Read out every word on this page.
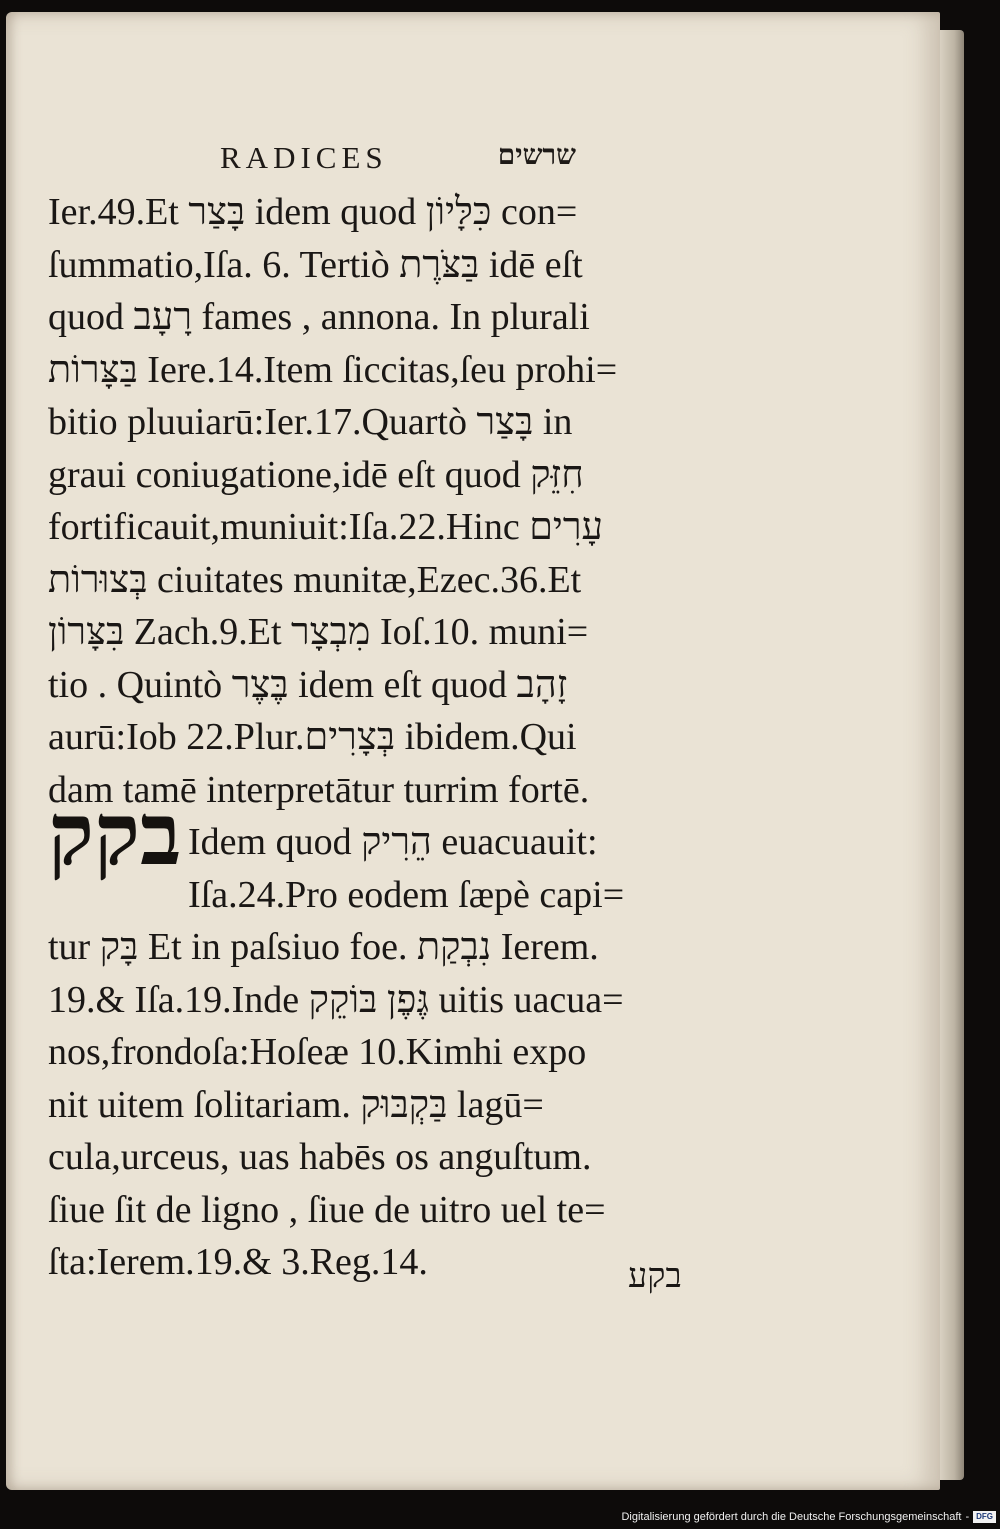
RADICES	שרשים
בקק
Ier.49.Et בָּצַר idem quod כִּלָּיוֹן con=
ſummatio,Iſa. 6. Tertiò בַּצֹּרֶת idē eſt
quod רָעָב fames , annona. In plurali
בַּצָּרוֹת Iere.14.Item ſiccitas,ſeu prohi=
bitio pluuiarū:Ier.17.Quartò בָּצַר in
graui coniugatione,idē eſt quod חִזֵּק
fortificauit,muniuit:Iſa.22.Hinc עָרִים
בְּצוּרוֹת ciuitates munitæ,Ezec.36.Et
בִּצָּרוֹן Zach.9.Et מִבְצָר Ioſ.10. muni=
tio . Quintò בֶּצֶר idem eſt quod זָהָב
aurū:Iob 22.Plur.בְּצָרִים ibidem.Qui
dam tamē interpretātur turrim fortē.
Idem quod הֵרִיק euacuauit:
Iſa.24.Pro eodem ſæpè capi=
tur בָּק Et in paſsiuo foe. נִבְקַת Ierem.
19.& Iſa.19.Inde גֶּפֶן בּוֹקֵק uitis uacua=
nos,frondoſa:Hoſeæ 10.Kimhi expo
nit uitem ſolitariam. בַּקְבּוּק lagū=
cula,urceus, uas habēs os anguſtum.
ſiue ſit de ligno , ſiue de uitro uel te=
ſta:Ierem.19.& 3.Reg.14.	בקע
Digitalisierung gefördert durch die Deutsche Forschungsgemeinschaft - DFG
